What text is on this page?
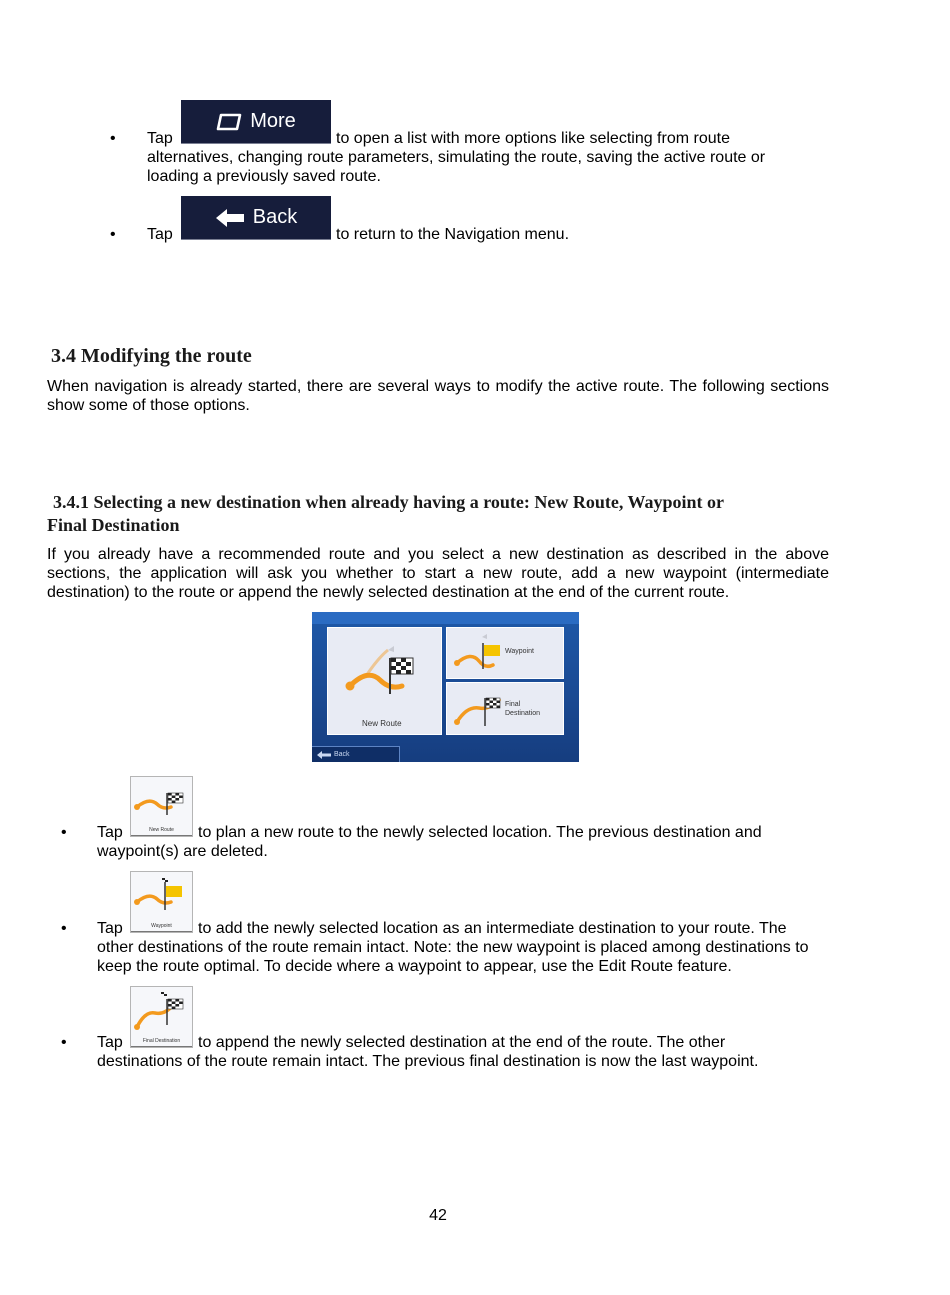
• Tap
More
to open a list with more options like selecting from route
alternatives, changing route parameters, simulating the route, saving the active route or loading a previously saved route.
• Tap
Back
to return to the Navigation menu.
3.4 Modifying the route
When navigation is already started, there are several ways to modify the active route. The following sections show some of those options.
3.4.1 Selecting a new destination when already having a route: New Route, Waypoint or
Final Destination
If you already have a recommended route and you select a new destination as described in the above sections, the application will ask you whether to start a new route, add a new waypoint (intermediate destination) to the route or append the newly selected destination at the end of the current route.
New Route
Waypoint
Final
Destination
Back
• Tap	New Route	to plan a new route to the newly selected location. The previous destination and
waypoint(s) are deleted.
• Tap	Waypoint	to add the newly selected location as an intermediate destination to your route. The
other destinations of the route remain intact. Note: the new waypoint is placed among destinations to keep the route optimal. To decide where a waypoint to appear, use the Edit Route feature.
• Tap	Final Destination	to append the newly selected destination at the end of the route. The other
destinations of the route remain intact. The previous final destination is now the last waypoint.
42
